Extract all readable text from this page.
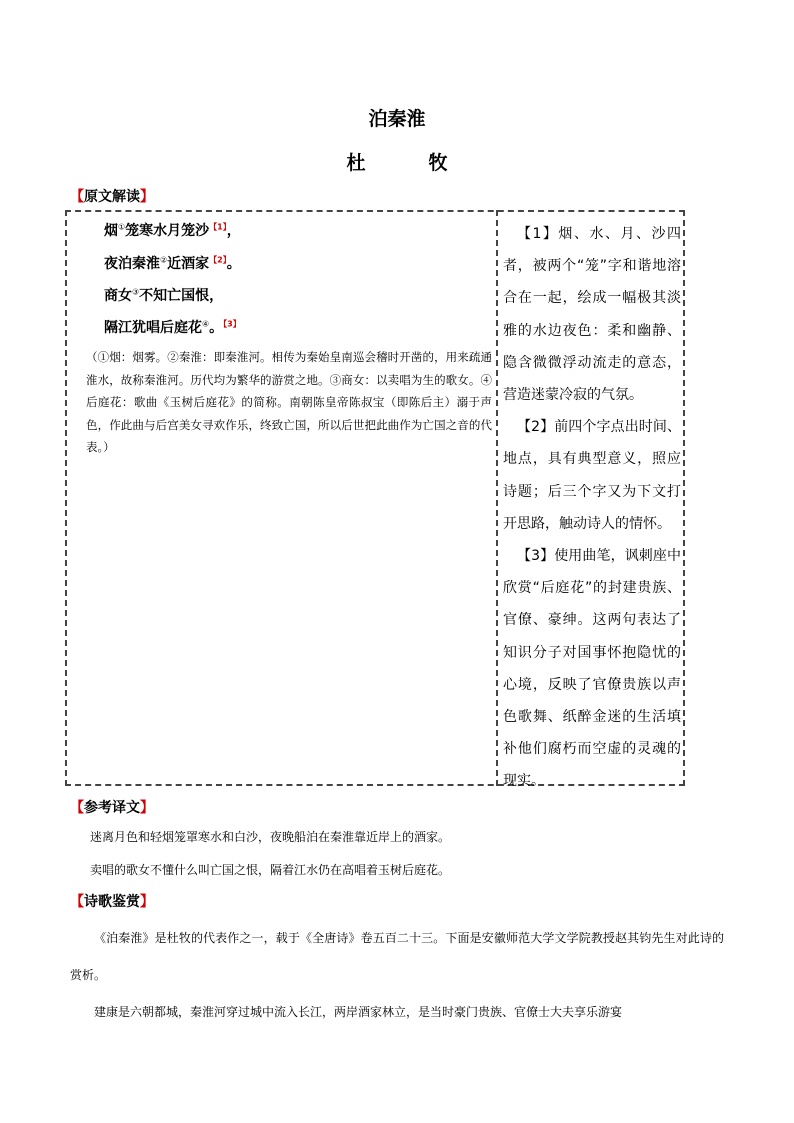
泊秦淮
杜　牧
【原文解读】
烟①笼寒水月笼沙$^{【1】}$，
夜泊秦淮②近酒家$^{【2】}$。
商女③不知亡国恨，
隔江犹唱后庭花④。$^{【3】}$
（①烟：烟雾。②秦淮：即秦淮河。相传为秦始皇南巡会稽时开凿的，用来疏通淮水，故称秦淮河。历代均为繁华的游赏之地。③商女：以卖唱为生的歌女。④后庭花：歌曲《玉树后庭花》的简称。南朝陈皇帝陈叔宝（即陈后主）溺于声色，作此曲与后宫美女寻欢作乐，终致亡国，所以后世把此曲作为亡国之音的代表。）

【1】烟、水、月、沙四者，被两个“笼”字和谐地溶合在一起，绘成一幅极其淡雅的水边夜色：柔和幽静、隐含微微浮动流走的意态，营造迷蒙冷寂的气氛。

【2】前四个字点出时间、地点，具有典型意义，照应诗题；后三个字又为下文打开思路，触动诗人的情怀。

【3】使用曲笔，讽刺座中欣赏“后庭花”的封建贵族、官僚、豪绅。这两句表达了知识分子对国事怀抱隐忧的心境，反映了官僚贵族以声色歌舞、纸醉金迷的生活填补他们腐朽而空虚的灵魂的现实。

【参考译文】
迷离月色和轻烟笼罩寒水和白沙，夜晚船泊在秦淮靠近岸上的酒家。
卖唱的歌女不懂什么叫亡国之恨，隔着江水仍在高唱着玉树后庭花。
【诗歌鉴赏】
《泊秦淮》是杜牧的代表作之一，载于《全唐诗》卷五百二十三。下面是安徽师范大学文学院教授赵其钧先生对此诗的赏析。
建康是六朝都城，秦淮河穿过城中流入长江，两岸酒家林立，是当时豪门贵族、官僚士大夫享乐游宴
